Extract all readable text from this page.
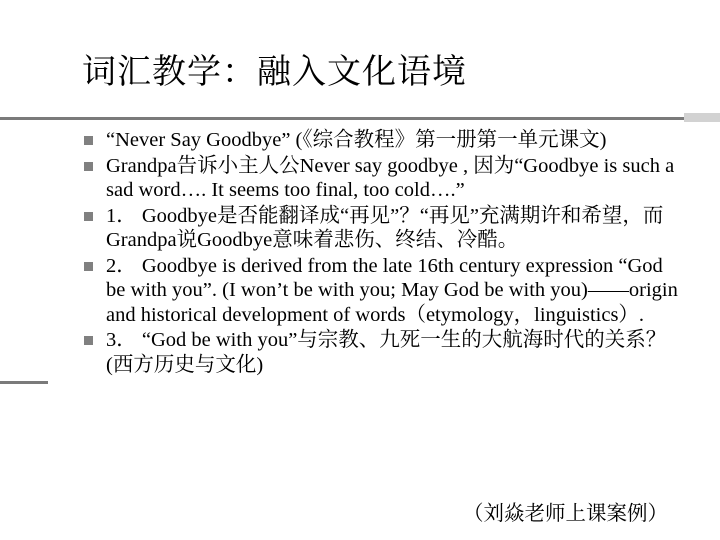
词汇教学：融入文化语境
“Never Say Goodbye” (《综合教程》第一册第一单元课文)
Grandpa告诉小主人公Never say goodbye , 因为“Goodbye is such a sad word…. It seems too final, too cold….”
1． Goodbye是否能翻译成“再见”？“再见”充满期许和希望，而Grandpa说Goodbye意味着悲伤、终结、冷酷。
2． Goodbye is derived from the late 16th century expression “God be with you”. (I won’t be with you; May God be with you)——origin and historical development of words（etymology，linguistics）.
3． “God be with you”与宗教、九死一生的大航海时代的关系？(西方历史与文化)
（刘焱老师上课案例）
